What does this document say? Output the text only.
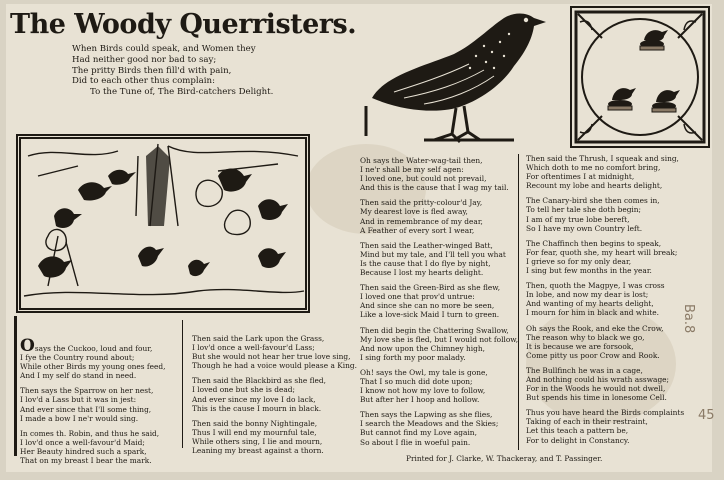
The Woody Querristers.
When Birds could speak, and Women they
Had neither good nor bad to say;
The pritty Birds then fill'd with pain,
Did to each other thus complain:
To the Tune of, The Bird-catchers Delight.
Osays the Cuckoo, loud and four,
I fye the Country round about;
While other Birds my young ones feed,
And I my self do stand in need.
Then says the Sparrow on her nest,
I lov'd a Lass but it was in jest:
And ever since that I'll some thing,
I made a bow I ne'r would sing.
In comes th. Robin, and thus he said,
I lov'd once a well-favour'd Maid;
Her Beauty hindred such a spark,
That on my breast I bear the mark.
Then said the Lark upon the Grass,
I lov'd once a well-favour'd Lass;
But she would not hear her true love sing,
Though he had a voice would please a King.
Then said the Blackbird as she fled,
I loved one but she is dead;
And ever since my love I do lack,
This is the cause I mourn in black.
Then said the bonny Nightingale,
Thus I will end my mournful tale,
While others sing, I lie and mourn,
Leaning my breast against a thorn.
Oh says the Water-wag-tail then,
I ne'r shall be my self agen:
I loved one, but could not prevail,
And this is the cause that I wag my tail.
Then said the pritty-colour'd Jay,
My dearest love is fled away,
And in remembrance of my dear,
A Feather of every sort I wear,
Then said the Leather-winged Batt,
Mind but my tale, and I'll tell you what
Is the cause that I do flye by night,
Because I lost my hearts delight.
Then said the Green-Bird as she flew,
I loved one that prov'd untrue:
And since she can no more be seen,
Like a love-sick Maid I turn to green.
Then did begin the Chattering Swallow,
My love she is fled, but I would not follow,
And now upon the Chimney high,
I sing forth my poor malady.
Oh! says the Owl, my tale is gone,
That I so much did dote upon;
I know not how my love to follow,
But after her I hoop and hollow.
Then says the Lapwing as she flies,
I search the Meadows and the Skies;
But cannot find my Love again,
So about I flie in woeful pain.
Then said the Thrush, I squeak and sing,
Which doth to me no comfort bring,
For oftentimes I at midnight,
Recount my lobe and hearts delight,
The Canary-bird she then comes in,
To tell her tale she doth begin;
I am of my true lobe bereft,
So I have my own Country left.
The Chaffinch then begins to speak,
For fear, quoth she, my heart will break;
I grieve so for my only dear,
I sing but few months in the year.
Then, quoth the Magpye, I was cross
In lobe, and now my dear is lost;
And wanting of my hearts delight,
I mourn for him in black and white.
Oh says the Rook, and eke the Crow,
The reason why to black we go,
It is because we are forsook,
Come pitty us poor Crow and Rook.
The Bullfinch he was in a cage,
And nothing could his wrath asswage;
For in the Woods he would not dwell,
But spends his time in lonesome Cell.
Thus you have heard the Birds complaints
Taking of each in their restraint,
Let this teach a pattern be,
For to delight in Constancy.
Printed for J. Clarke, W. Thackeray, and T. Passinger.
Ba.8
45
